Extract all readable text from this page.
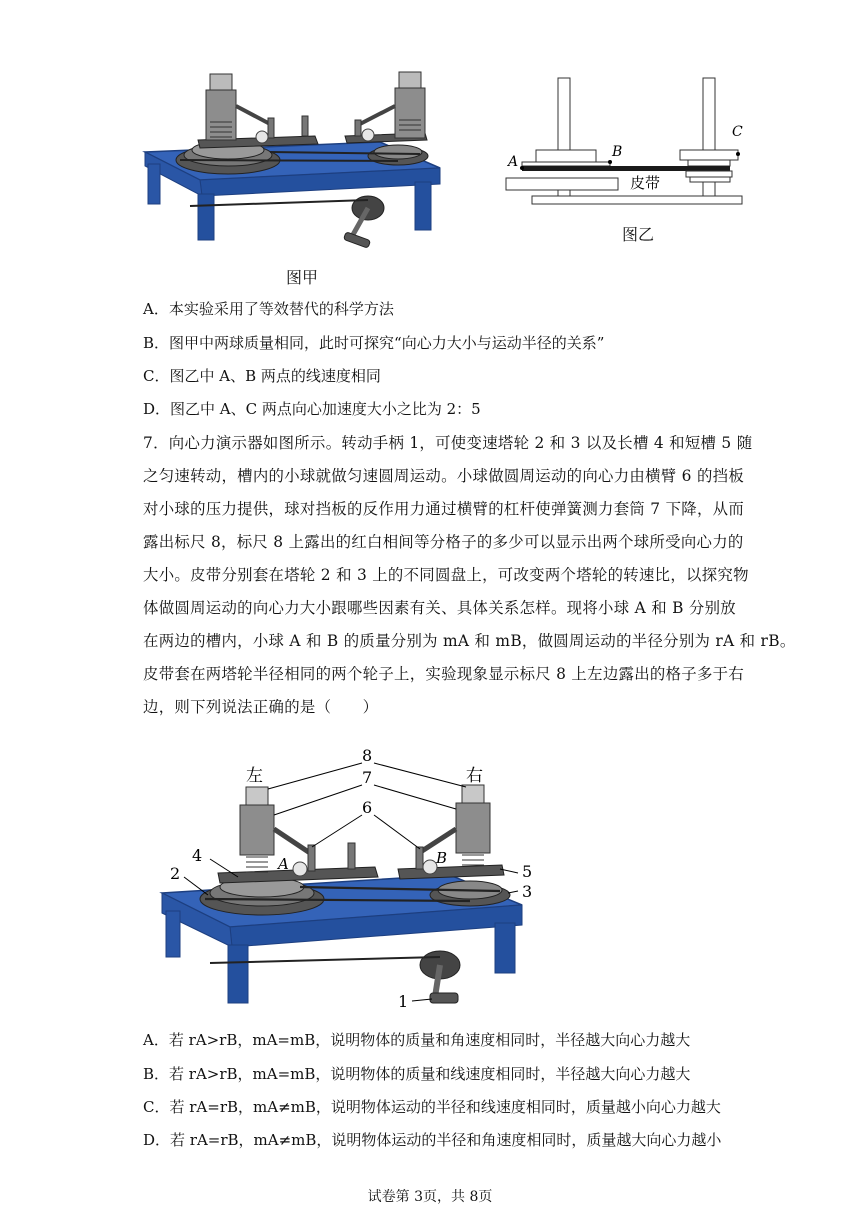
图甲
A
B
C
皮带
图乙
A．本实验采用了等效替代的科学方法
B．图甲中两球质量相同，此时可探究“向心力大小与运动半径的关系”
C．图乙中 A、B 两点的线速度相同
D．图乙中 A、C 两点向心加速度大小之比为 2：5
7．向心力演示器如图所示。转动手柄 1，可使变速塔轮 2 和 3 以及长槽 4 和短槽 5 随
之匀速转动，槽内的小球就做匀速圆周运动。小球做圆周运动的向心力由横臂 6 的挡板
对小球的压力提供，球对挡板的反作用力通过横臂的杠杆使弹簧测力套筒 7 下降，从而
露出标尺 8，标尺 8 上露出的红白相间等分格子的多少可以显示出两个球所受向心力的
大小。皮带分别套在塔轮 2 和 3 上的不同圆盘上，可改变两个塔轮的转速比，以探究物
体做圆周运动的向心力大小跟哪些因素有关、具体关系怎样。现将小球 A 和 B 分别放
在两边的槽内，小球 A 和 B 的质量分别为 mA 和 mB，做圆周运动的半径分别为 rA 和 rB。
皮带套在两塔轮半径相同的两个轮子上，实验现象显示标尺 8 上左边露出的格子多于右
边，则下列说法正确的是（　　）
左	右
8
7
6
4
2	5
3
1
A	B
A．若 rA>rB，mA=mB，说明物体的质量和角速度相同时，半径越大向心力越大
B．若 rA>rB，mA=mB，说明物体的质量和线速度相同时，半径越大向心力越大
C．若 rA=rB，mA≠mB，说明物体运动的半径和线速度相同时，质量越小向心力越大
D．若 rA=rB，mA≠mB，说明物体运动的半径和角速度相同时，质量越大向心力越小
试卷第 3页，共 8页
